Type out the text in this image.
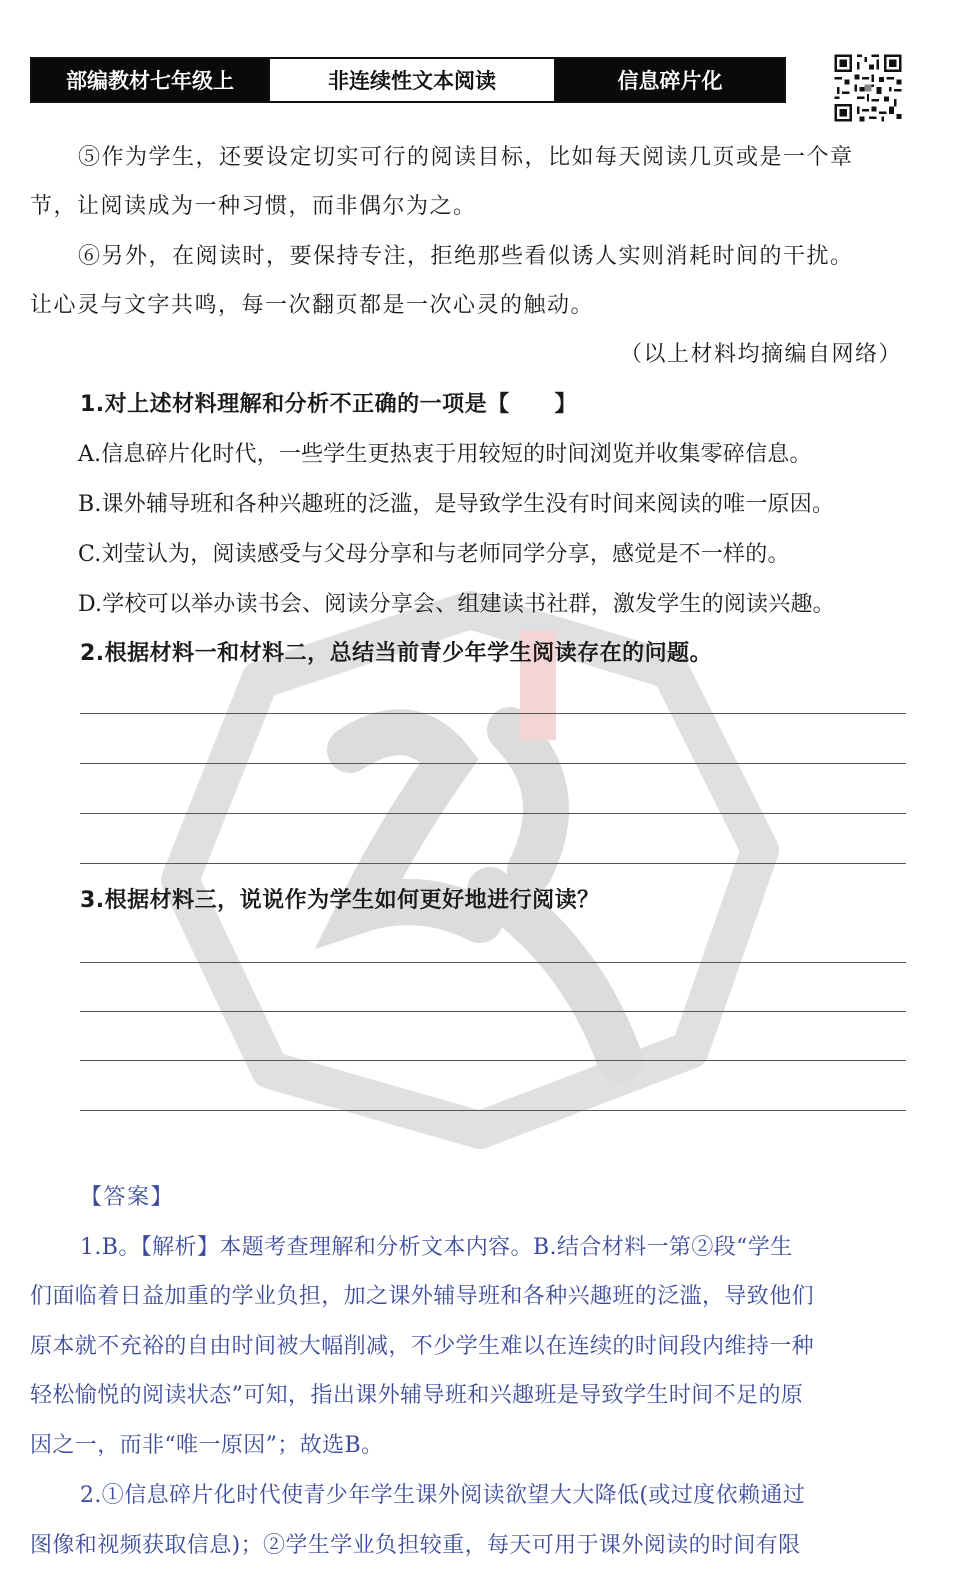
部编教材七年级上	非连续性文本阅读	信息碎片化
⑤作为学生，还要设定切实可行的阅读目标，比如每天阅读几页或是一个章
节，让阅读成为一种习惯，而非偶尔为之。
⑥另外，在阅读时，要保持专注，拒绝那些看似诱人实则消耗时间的干扰。
让心灵与文字共鸣，每一次翻页都是一次心灵的触动。
（以上材料均摘编自网络）
1.对上述材料理解和分析不正确的一项是【　　】
A.信息碎片化时代，一些学生更热衷于用较短的时间浏览并收集零碎信息。
B.课外辅导班和各种兴趣班的泛滥，是导致学生没有时间来阅读的唯一原因。
C.刘莹认为，阅读感受与父母分享和与老师同学分享，感觉是不一样的。
D.学校可以举办读书会、阅读分享会、组建读书社群，激发学生的阅读兴趣。
2.根据材料一和材料二，总结当前青少年学生阅读存在的问题。
3.根据材料三，说说作为学生如何更好地进行阅读？
【答案】
1.B。【解析】本题考查理解和分析文本内容。B.结合材料一第②段“学生
们面临着日益加重的学业负担，加之课外辅导班和各种兴趣班的泛滥，导致他们
原本就不充裕的自由时间被大幅削减，不少学生难以在连续的时间段内维持一种
轻松愉悦的阅读状态”可知，指出课外辅导班和兴趣班是导致学生时间不足的原
因之一，而非“唯一原因”；故选B。
2.①信息碎片化时代使青少年学生课外阅读欲望大大降低(或过度依赖通过
图像和视频获取信息)；②学生学业负担较重，每天可用于课外阅读的时间有限
